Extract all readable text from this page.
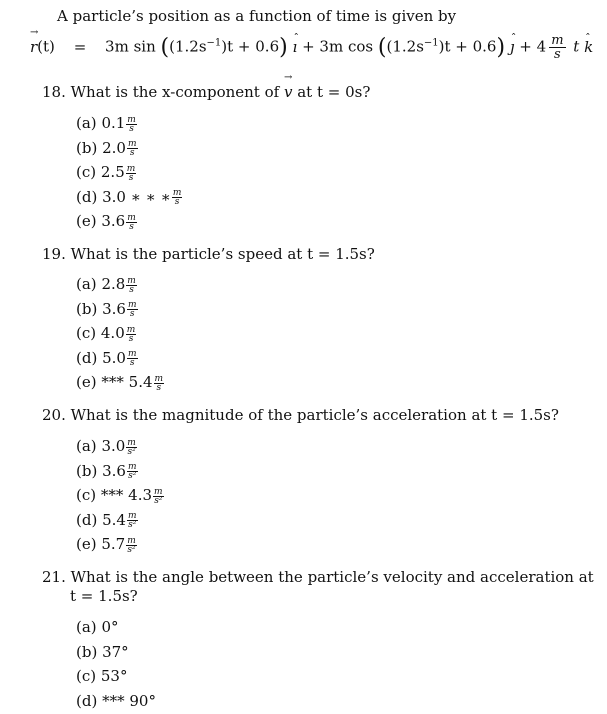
A particle’s position as a function of time is given by
→ r(t) = 3m $\sin ((1.2s^{-1})t + 0.6)$ ˆ ı + 3m $\cos ((1.2s^{-1})t + 0.6)$ ˆ ȷ + $4 \frac{m}{s}$ t ˆ k
18. What is the x-component of → v at t = 0s?
(a) $0.1 \frac{m}{s}$
(b) $2.0 \frac{m}{s}$
(c) $2.5 \frac{m}{s}$
(d) 3.0 ∗ ∗ ∗ $\frac{m}{s}$
(e) $3.6 \frac{m}{s}$
19. What is the particle’s speed at t = 1.5s?
(a) $2.8 \frac{m}{s}$
(b) $3.6 \frac{m}{s}$
(c) $4.0 \frac{m}{s}$
(d) $5.0 \frac{m}{s}$
(e) *** $5.4 \frac{m}{s}$
20. What is the magnitude of the particle’s acceleration at t = 1.5s?
(a) $3.0 \frac{m}{\text{s²}}$
(b) $3.6 \frac{m}{\text{s²}}$
(c) *** $4.3 \frac{m}{\text{s²}}$
(d) $5.4 \frac{m}{\text{s²}}$
(e) $5.7 \frac{m}{\text{s²}}$
21. What is the angle between the particle’s velocity and acceleration at
t = 1.5s?
(a) 0°
(b) 37°
(c) 53°
(d) *** 90°
